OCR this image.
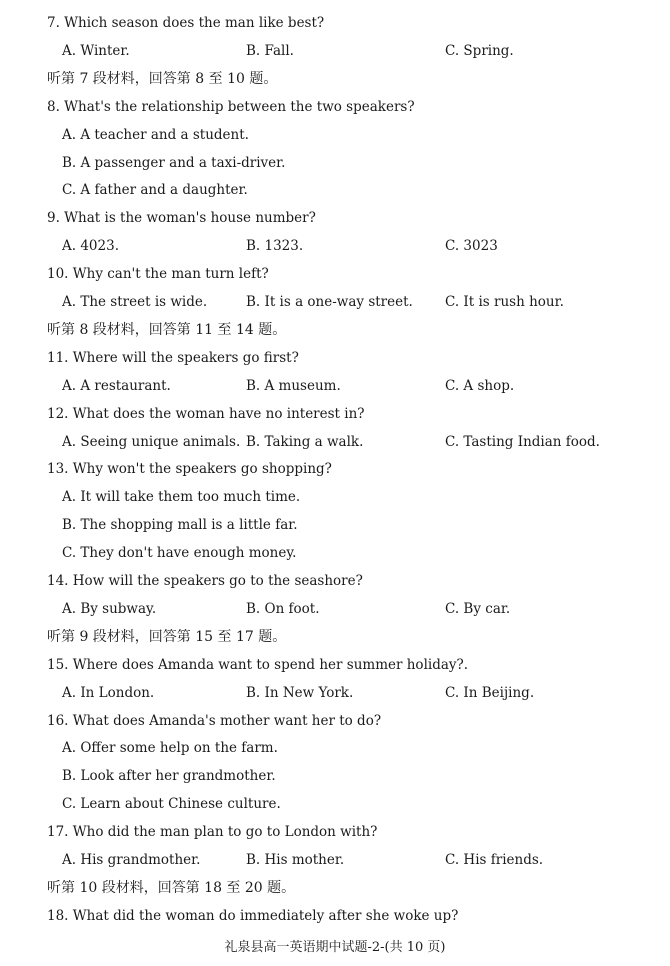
7. Which season does the man like best?
A. Winter.	B. Fall.	C. Spring.
听第 7 段材料，回答第 8 至 10 题。
8. What's the relationship between the two speakers?
A. A teacher and a student.
B. A passenger and a taxi-driver.
C. A father and a daughter.
9. What is the woman's house number?
A. 4023.	B. 1323.	C. 3023
10. Why can't the man turn left?
A. The street is wide.	B. It is a one-way street. C. It is rush hour.
听第 8 段材料，回答第 11 至 14 题。
11. Where will the speakers go first?
A. A restaurant.	B. A museum.	C. A shop.
12. What does the woman have no interest in?
A. Seeing unique animals. B. Taking a walk.	C. Tasting Indian food.
13. Why won't the speakers go shopping?
A. It will take them too much time.
B. The shopping mall is a little far.
C. They don't have enough money.
14. How will the speakers go to the seashore?
A. By subway.	B. On foot.	C. By car.
听第 9 段材料，回答第 15 至 17 题。
15. Where does Amanda want to spend her summer holiday?.
A. In London.	B. In New York.	C. In Beijing.
16. What does Amanda's mother want her to do?
A. Offer some help on the farm.
B. Look after her grandmother.
C. Learn about Chinese culture.
17. Who did the man plan to go to London with?
A. His grandmother.	B. His mother.	C. His friends.
听第 10 段材料，回答第 18 至 20 题。
18. What did the woman do immediately after she woke up?
礼泉县高一英语期中试题-2-(共 10 页)
